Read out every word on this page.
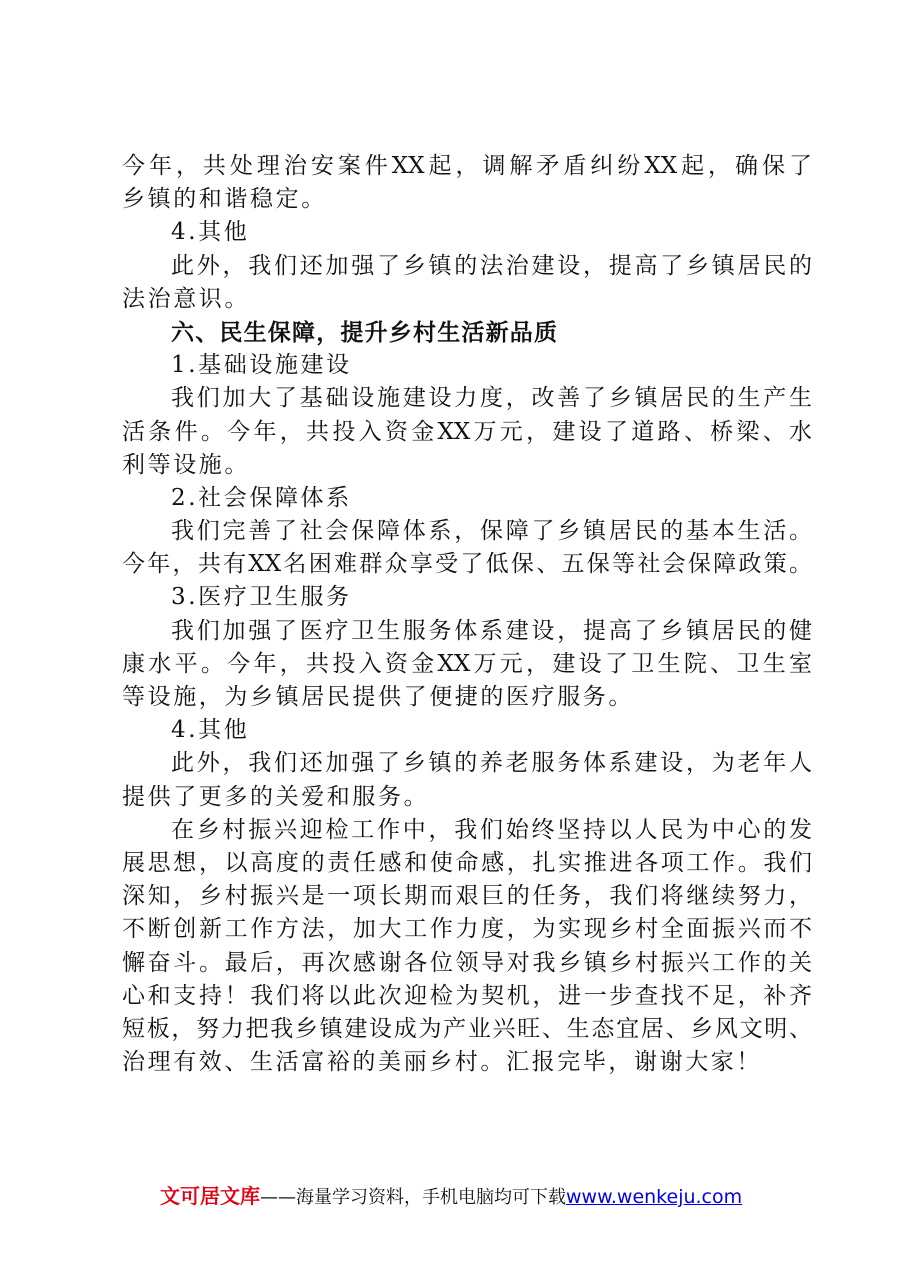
今年，共处理治安案件XX起，调解矛盾纠纷XX起，确保了
乡镇的和谐稳定。
4.其他
此外，我们还加强了乡镇的法治建设，提高了乡镇居民的
法治意识。
六、民生保障，提升乡村生活新品质
1.基础设施建设
我们加大了基础设施建设力度，改善了乡镇居民的生产生
活条件。今年，共投入资金XX万元，建设了道路、桥梁、水
利等设施。
2.社会保障体系
我们完善了社会保障体系，保障了乡镇居民的基本生活。
今年，共有XX名困难群众享受了低保、五保等社会保障政策。
3.医疗卫生服务
我们加强了医疗卫生服务体系建设，提高了乡镇居民的健
康水平。今年，共投入资金XX万元，建设了卫生院、卫生室
等设施，为乡镇居民提供了便捷的医疗服务。
4.其他
此外，我们还加强了乡镇的养老服务体系建设，为老年人
提供了更多的关爱和服务。
在乡村振兴迎检工作中，我们始终坚持以人民为中心的发
展思想，以高度的责任感和使命感，扎实推进各项工作。我们
深知，乡村振兴是一项长期而艰巨的任务，我们将继续努力，
不断创新工作方法，加大工作力度，为实现乡村全面振兴而不
懈奋斗。最后，再次感谢各位领导对我乡镇乡村振兴工作的关
心和支持！我们将以此次迎检为契机，进一步查找不足，补齐
短板，努力把我乡镇建设成为产业兴旺、生态宜居、乡风文明、
治理有效、生活富裕的美丽乡村。汇报完毕，谢谢大家！
文可居文库——海量学习资料，手机电脑均可下载www.wenkeju.com
